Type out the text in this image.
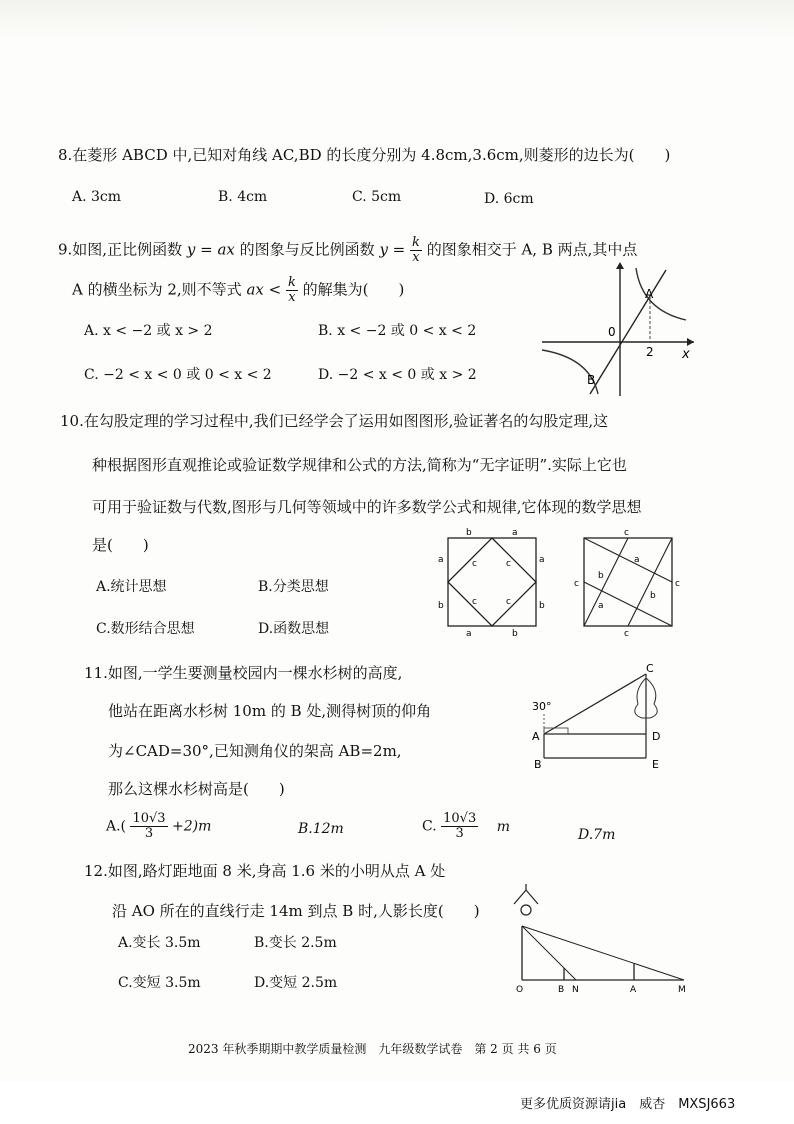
8.在菱形 ABCD 中,已知对角线 AC,BD 的长度分别为 4.8cm,3.6cm,则菱形的边长为(　　)
A. 3cm	B. 4cm	C. 5cm	D. 6cm
9.如图,正比例函数 y = ax 的图象与反比例函数 $y = \frac{k}{x}$ 的图象相交于 A, B 两点,其中点
A 的横坐标为 2,则不等式 ax < $\frac{k}{x}$ 的解集为(　　)
A. x < −2 或 x > 2	B. x < −2 或 0 < x < 2
C. −2 < x < 0 或 0 < x < 2	D. −2 < x < 0 或 x > 2
A
B
0
2 x
10.在勾股定理的学习过程中,我们已经学会了运用如图图形,验证著名的勾股定理,这
种根据图形直观推论或验证数学规律和公式的方法,简称为“无字证明”.实际上它也
可用于验证数与代数,图形与几何等领域中的许多数学公式和规律,它体现的数学思想
是(　　)
A.统计思想	B.分类思想
C.数形结合思想	D.函数思想
b	a
a
b
a	b
a
b
c	c
c	c
c
c
c
c
b
a
b
a
11.如图,一学生要测量校园内一棵水杉树的高度,
他站在距离水杉树 10m 的 B 处,测得树顶的仰角
为∠CAD=30°,已知测角仪的架高 AB=2m,
那么这棵水杉树高是(　　)
$A.( \frac{10√3}{3} +2)m$	B.12m	C. $\frac{10√3}{3}$ m
D.7m
30°
A
B
C
D
E
12.如图,路灯距地面 8 米,身高 1.6 米的小明从点 A 处
沿 AO 所在的直线行走 14m 到点 B 时,人影长度(　　)
A.变长 3.5m	B.变长 2.5m
C.变短 3.5m	D.变短 2.5m	O	B N	A	M
2023 年秋季期期中教学质量检测　九年级数学试卷　第 2 页 共 6 页
更多优质资源请jia　威杏　MXSJ663
